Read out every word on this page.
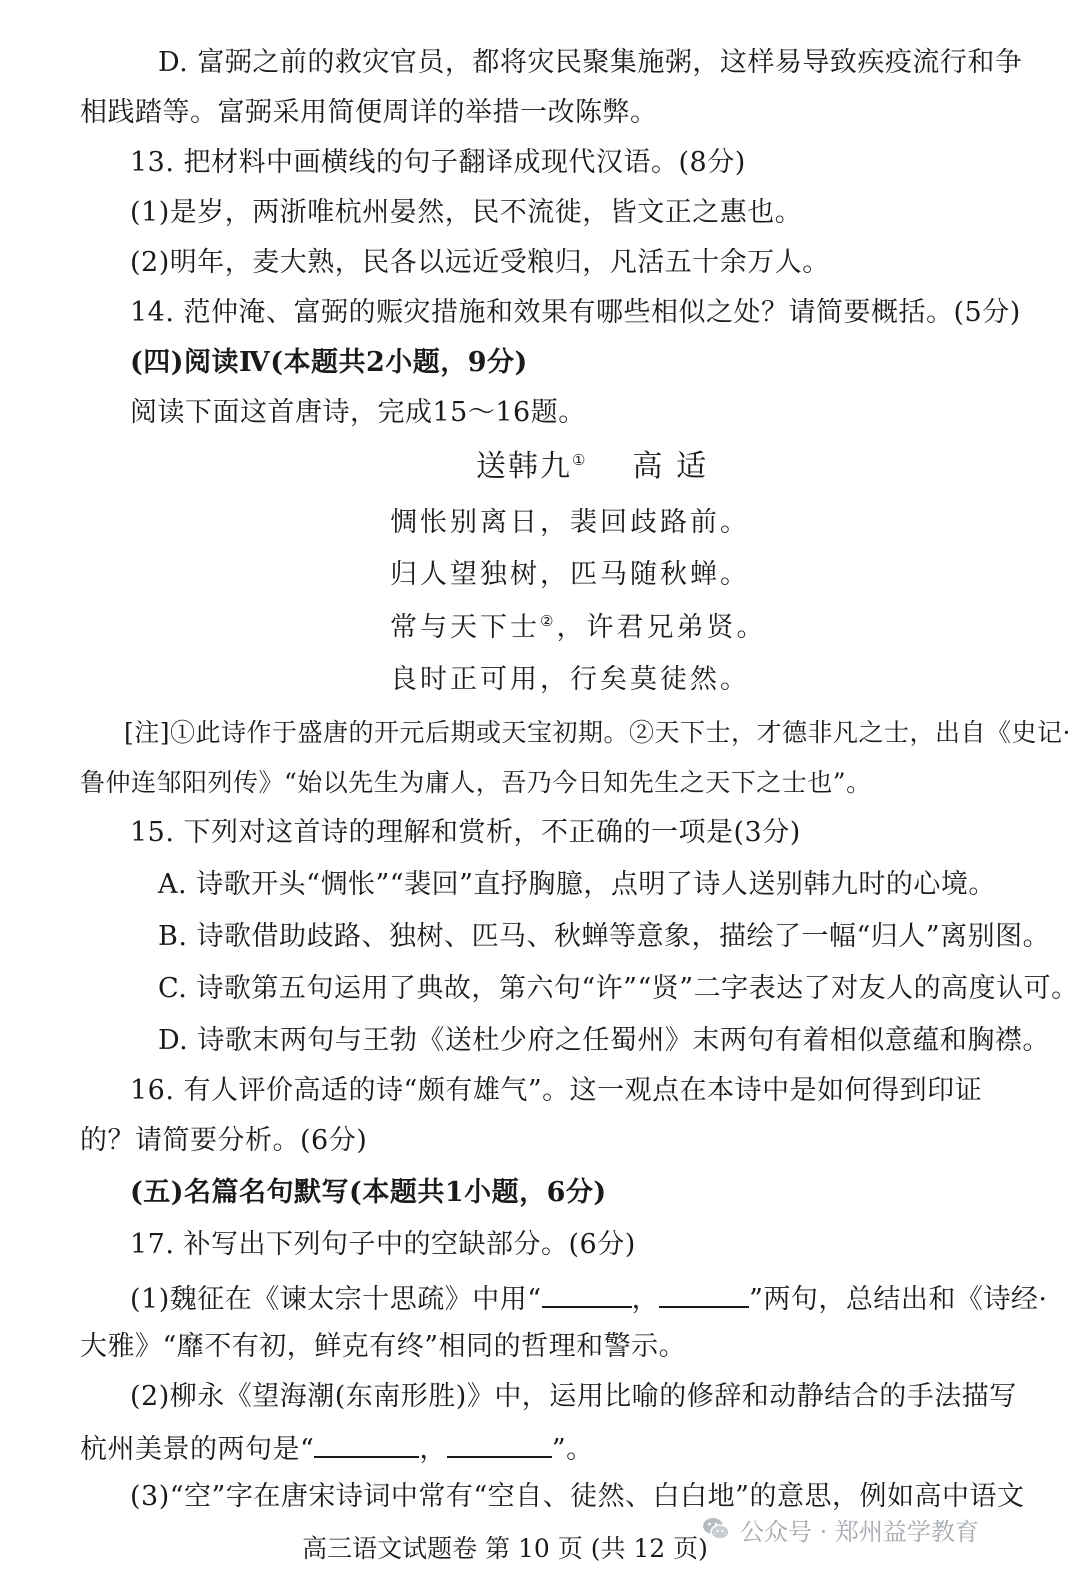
D. 富弼之前的救灾官员，都将灾民聚集施粥，这样易导致疾疫流行和争
相践踏等。富弼采用简便周详的举措一改陈弊。
13. 把材料中画横线的句子翻译成现代汉语。(8分)
(1)是岁，两浙唯杭州晏然，民不流徙，皆文正之惠也。
(2)明年，麦大熟，民各以远近受粮归，凡活五十余万人。
14. 范仲淹、富弼的赈灾措施和效果有哪些相似之处？请简要概括。(5分)
(四)阅读Ⅳ(本题共2小题，9分)
阅读下面这首唐诗，完成15～16题。
送韩九① 高 适
惆怅别离日，裴回歧路前。
归人望独树，匹马随秋蝉。
常与天下士②，许君兄弟贤。
良时正可用，行矣莫徒然。
[注]①此诗作于盛唐的开元后期或天宝初期。②天下士，才德非凡之士，出自《史记·
鲁仲连邹阳列传》“始以先生为庸人，吾乃今日知先生之天下之士也”。
15. 下列对这首诗的理解和赏析，不正确的一项是(3分)
A. 诗歌开头“惆怅”“裴回”直抒胸臆，点明了诗人送别韩九时的心境。
B. 诗歌借助歧路、独树、匹马、秋蝉等意象，描绘了一幅“归人”离别图。
C. 诗歌第五句运用了典故，第六句“许”“贤”二字表达了对友人的高度认可。
D. 诗歌末两句与王勃《送杜少府之任蜀州》末两句有着相似意蕴和胸襟。
16. 有人评价高适的诗“颇有雄气”。这一观点在本诗中是如何得到印证
的？请简要分析。(6分)
(五)名篇名句默写(本题共1小题，6分)
17. 补写出下列句子中的空缺部分。(6分)
(1)魏征在《谏太宗十思疏》中用“	，	”两句，总结出和《诗经·
大雅》“靡不有初，鲜克有终”相同的哲理和警示。
(2)柳永《望海潮(东南形胜)》中，运用比喻的修辞和动静结合的手法描写
杭州美景的两句是“	，	”。
(3)“空”字在唐宋诗词中常有“空自、徒然、白白地”的意思，例如高中语文
公众号 · 郑州益学教育
高三语文试题卷 第 10 页 (共 12 页)
